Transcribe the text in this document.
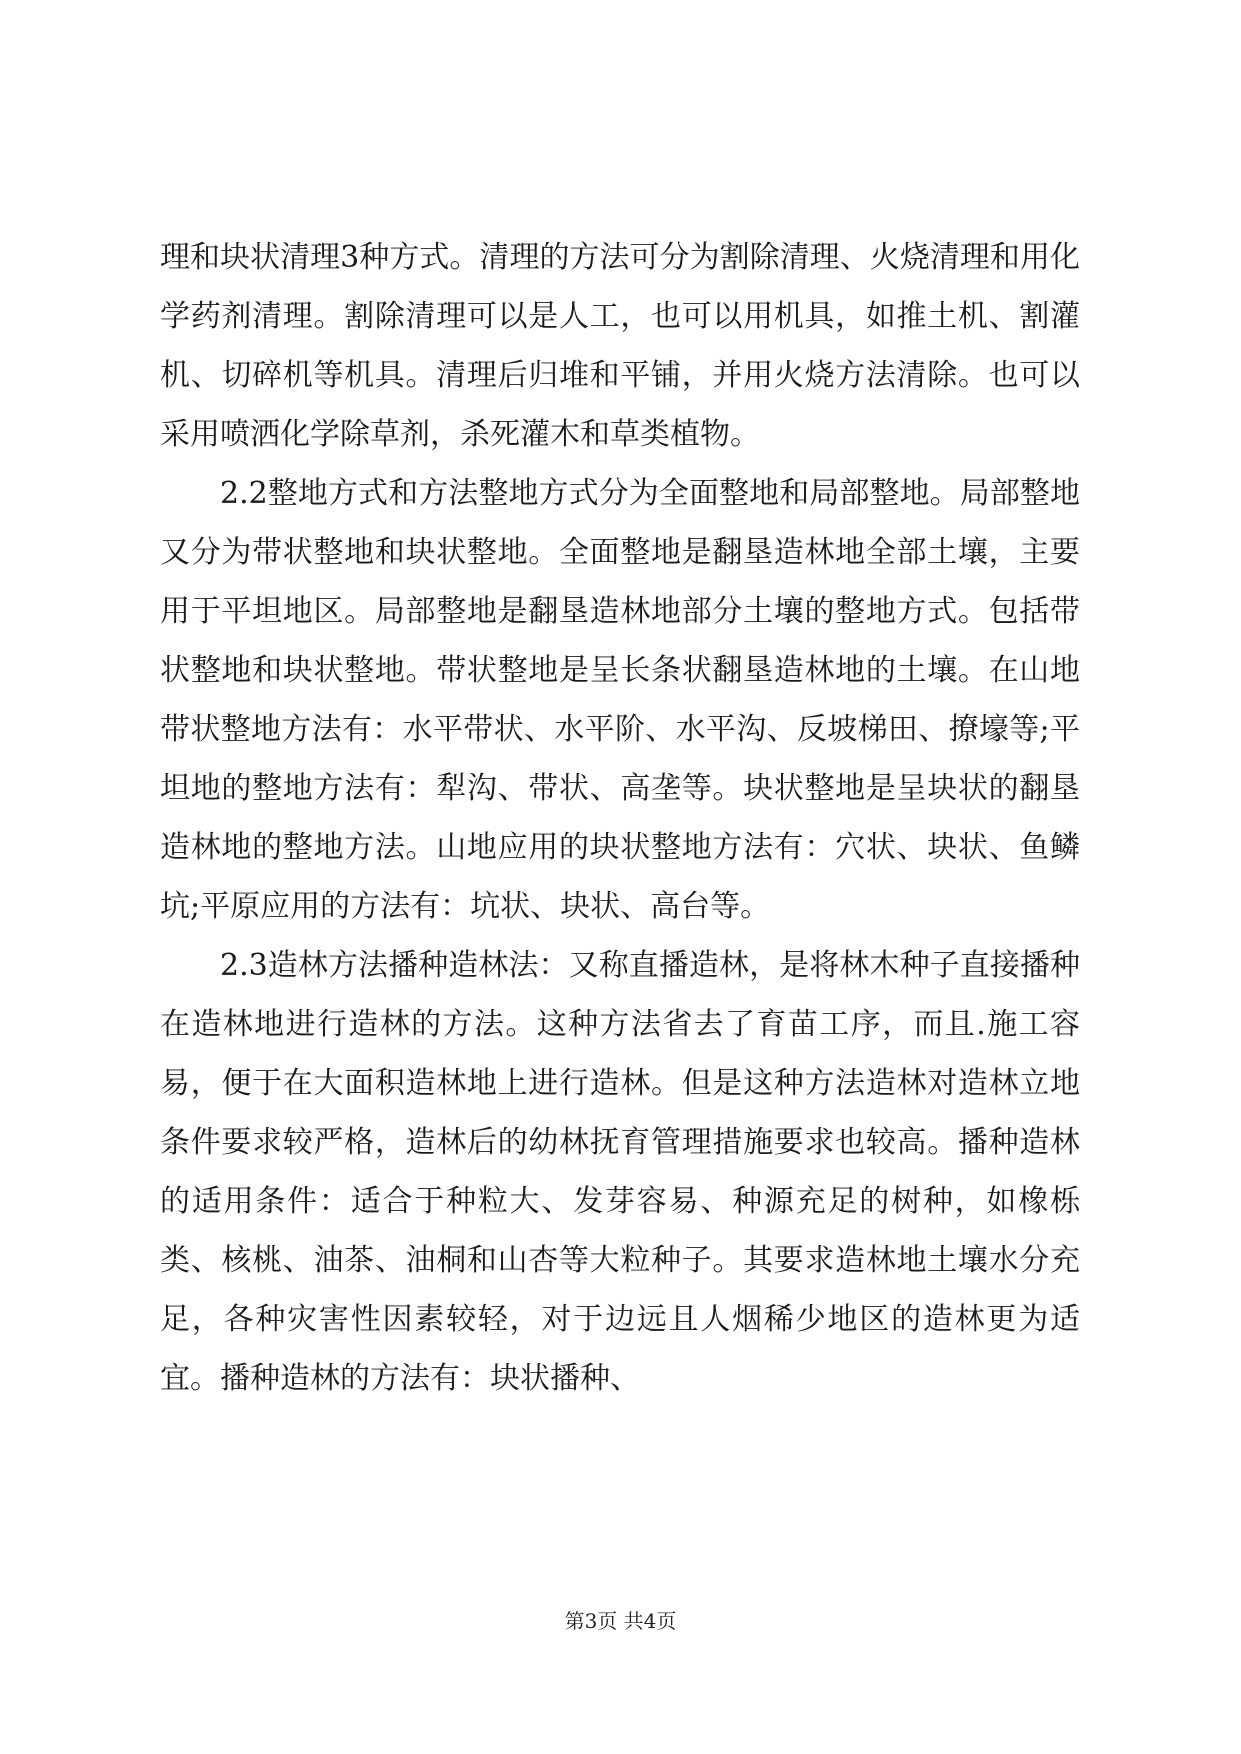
理和块状清理3种方式。清理的方法可分为割除清理、火烧清理和用化学药剂清理。割除清理可以是人工，也可以用机具，如推土机、割灌机、切碎机等机具。清理后归堆和平铺，并用火烧方法清除。也可以采用喷洒化学除草剂，杀死灌木和草类植物。

2.2整地方式和方法整地方式分为全面整地和局部整地。局部整地又分为带状整地和块状整地。全面整地是翻垦造林地全部土壤，主要用于平坦地区。局部整地是翻垦造林地部分土壤的整地方式。包括带状整地和块状整地。带状整地是呈长条状翻垦造林地的土壤。在山地带状整地方法有：水平带状、水平阶、水平沟、反坡梯田、撩壕等;平坦地的整地方法有：犁沟、带状、高垄等。块状整地是呈块状的翻垦造林地的整地方法。山地应用的块状整地方法有：穴状、块状、鱼鳞坑;平原应用的方法有：坑状、块状、高台等。

2.3造林方法播种造林法：又称直播造林，是将林木种子直接播种在造林地进行造林的方法。这种方法省去了育苗工序，而且.施工容易，便于在大面积造林地上进行造林。但是这种方法造林对造林立地条件要求较严格，造林后的幼林抚育管理措施要求也较高。播种造林的适用条件：适合于种粒大、发芽容易、种源充足的树种，如橡栎类、核桃、油茶、油桐和山杏等大粒种子。其要求造林地土壤水分充足，各种灾害性因素较轻，对于边远且人烟稀少地区的造林更为适宜。播种造林的方法有：块状播种、

第3页 共4页
